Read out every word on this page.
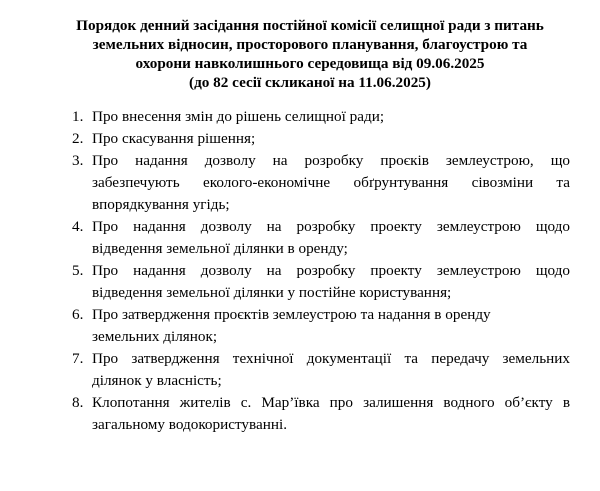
Порядок денний засідання постійної комісії селищної ради з питань
земельних відносин, просторового планування, благоустрою та
охорони навколишнього середовища від 09.06.2025
(до 82 сесії скликаної на 11.06.2025)
1. Про внесення змін до рішень селищної ради;
2. Про скасування рішення;
3. Про надання дозволу на розробку проєків землеустрою, що
забезпечують еколого-економічне обґрунтування сівозміни та
впорядкування угідь;
4. Про надання дозволу на розробку проекту землеустрою щодо
відведення земельної ділянки в оренду;
5. Про надання дозволу на розробку проекту землеустрою щодо
відведення земельної ділянки у постійне користування;
6. Про затвердження проєктів землеустрою та надання в оренду
земельних ділянок;
7. Про затвердження технічної документації та передачу земельних
ділянок у власність;
8. Клопотання жителів с. Мар’їв​ка про залишення водного об’єкту в
загальному водокористуванні.
